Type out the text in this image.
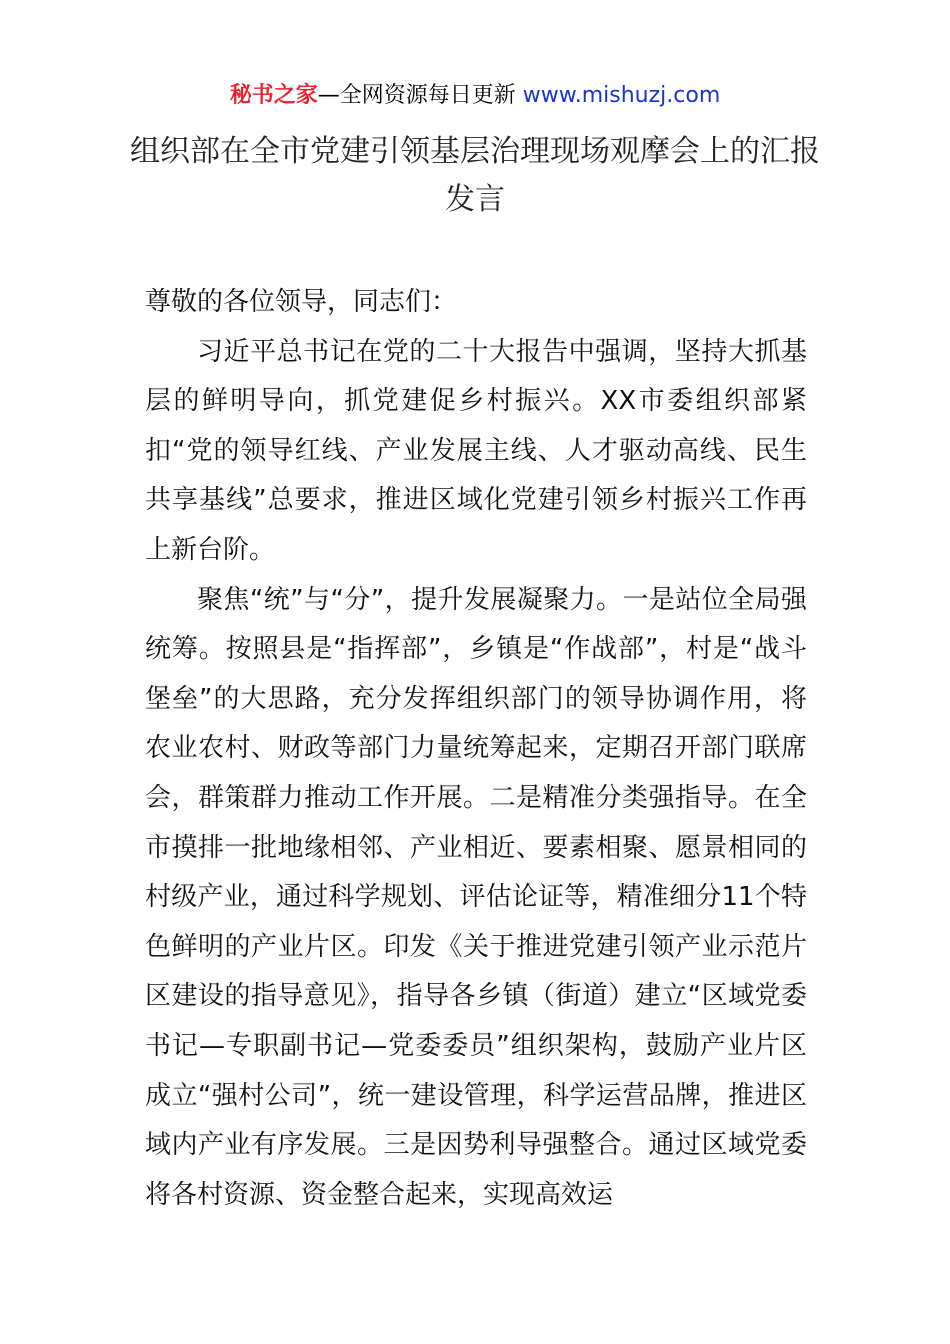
秘书之家—全网资源每日更新 www.mishuzj.com
组织部在全市党建引领基层治理现场观摩会上的汇报发言

尊敬的各位领导，同志们：

习近平总书记在党的二十大报告中强调，坚持大抓基层的鲜明导向，抓党建促乡村振兴。XX市委组织部紧扣“党的领导红线、产业发展主线、人才驱动高线、民生共享基线”总要求，推进区域化党建引领乡村振兴工作再上新台阶。

聚焦“统”与“分”，提升发展凝聚力。一是站位全局强统筹。按照县是“指挥部”，乡镇是“作战部”，村是“战斗堡垒”的大思路，充分发挥组织部门的领导协调作用，将农业农村、财政等部门力量统筹起来，定期召开部门联席会，群策群力推动工作开展。二是精准分类强指导。在全市摸排一批地缘相邻、产业相近、要素相聚、愿景相同的村级产业，通过科学规划、评估论证等，精准细分11个特色鲜明的产业片区。印发《关于推进党建引领产业示范片区建设的指导意见》，指导各乡镇（街道）建立“区域党委书记—专职副书记—党委委员”组织架构，鼓励产业片区成立“强村公司”，统一建设管理，科学运营品牌，推进区域内产业有序发展。三是因势利导强整合。通过区域党委将各村资源、资金整合起来，实现高效运
